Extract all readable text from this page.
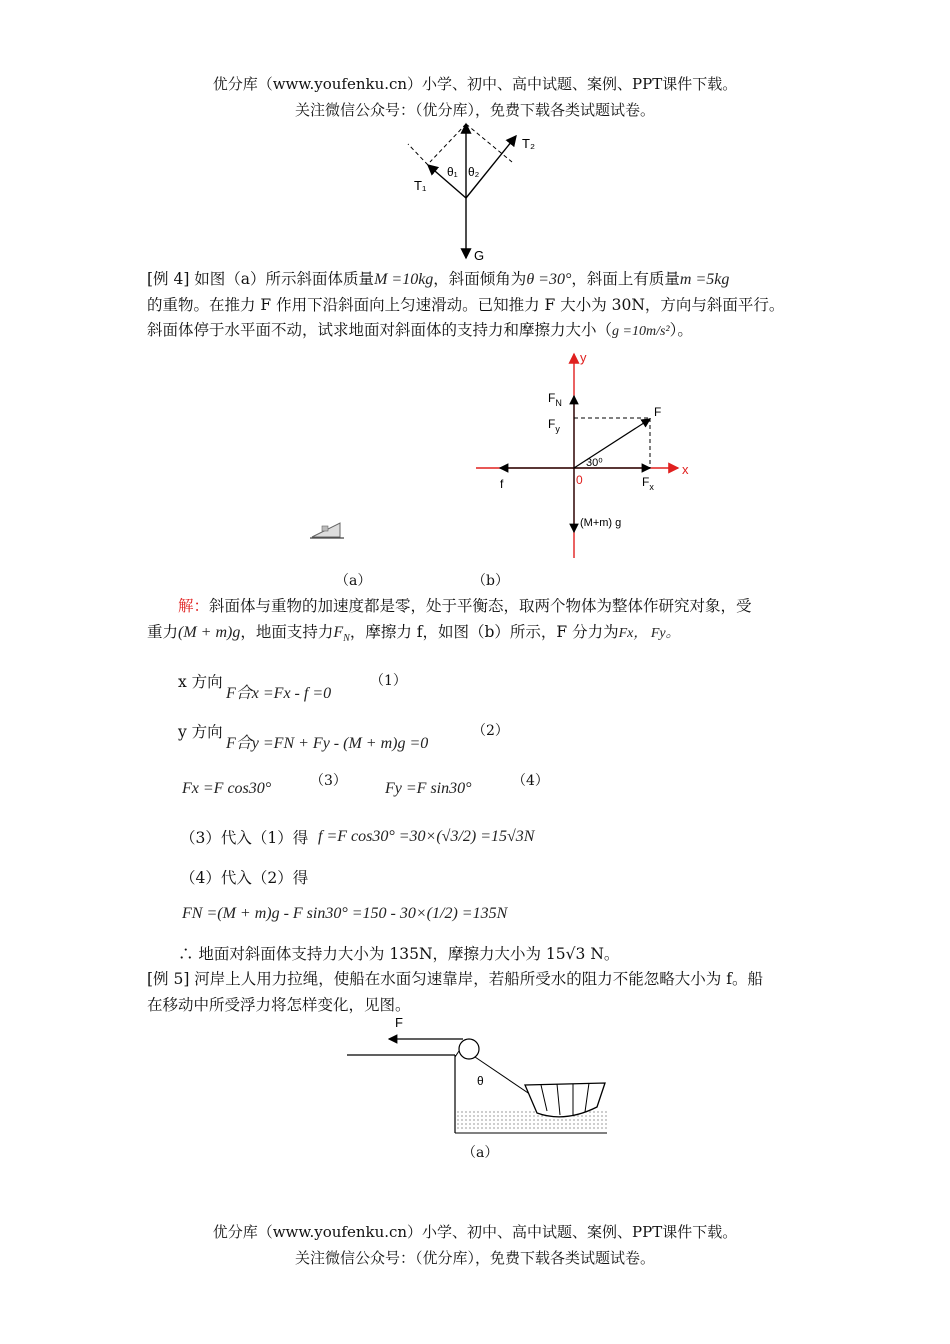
优分库（www.youfenku.cn）小学、初中、高中试题、案例、PPT课件下载。
关注微信公众号：（优分库），免费下载各类试题试卷。
T₂
T₁
θ₁ θ₂
G
[例 4] 如图（a）所示斜面体质量M =10kg，斜面倾角为θ =30°，斜面上有质量m =5kg
的重物。在推力 F 作用下沿斜面向上匀速滑动。已知推力 F 大小为 30N，方向与斜面平行。
斜面体停于水平面不动，试求地面对斜面体的支持力和摩擦力大小（g =10m/s²）。
y
x
$F_N$
$F_y$
F
30⁰
f	0	$F_x$
(M+m) g
（a）	（b）
解：斜面体与重物的加速度都是零，处于平衡态，取两个物体为整体作研究对象，受
重力(M + m)g，地面支持力$F_N$，摩擦力 f，如图（b）所示，F 分力为Fx， Fy。
x 方向
F合x =Fx - f =0
（1）
y 方向
F合y =FN + Fy - (M + m)g =0
（2）
Fx =F cos30°	（3） Fy =F sin30°	（4）
（3）代入（1）得 f =F cos30° =30×(√3/2) =15√3N
（4）代入（2）得
FN =(M + m)g - F sin30° =150 - 30×(1/2) =135N
∴ 地面对斜面体支持力大小为 135N，摩擦力大小为 15√3 N。
[例 5] 河岸上人用力拉绳，使船在水面匀速靠岸，若船所受水的阻力不能忽略大小为 f。船
在移动中所受浮力将怎样变化，见图。
F
θ
（a）
优分库（www.youfenku.cn）小学、初中、高中试题、案例、PPT课件下载。
关注微信公众号：（优分库），免费下载各类试题试卷。
